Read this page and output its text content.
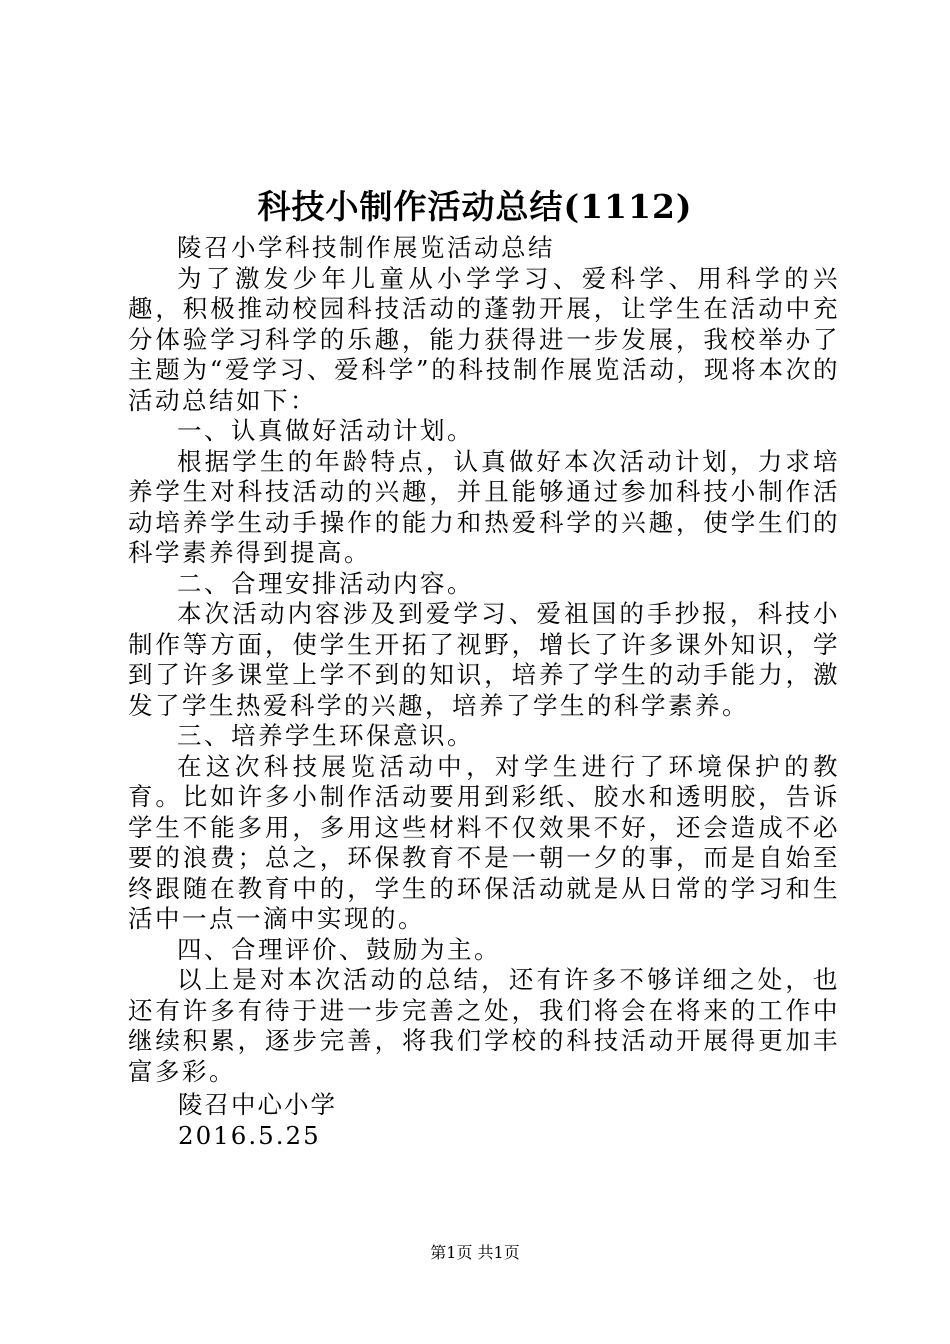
科技小制作活动总结(1112)

陵召小学科技制作展览活动总结

为了激发少年儿童从小学学习、爱科学、用科学的兴趣，积极推动校园科技活动的蓬勃开展，让学生在活动中充分体验学习科学的乐趣，能力获得进一步发展，我校举办了主题为“爱学习、爱科学”的科技制作展览活动，现将本次的活动总结如下：

一、认真做好活动计划。

根据学生的年龄特点，认真做好本次活动计划，力求培养学生对科技活动的兴趣，并且能够通过参加科技小制作活动培养学生动手操作的能力和热爱科学的兴趣，使学生们的科学素养得到提高。

二、合理安排活动内容。

本次活动内容涉及到爱学习、爱祖国的手抄报，科技小制作等方面，使学生开拓了视野，增长了许多课外知识，学到了许多课堂上学不到的知识，培养了学生的动手能力，激发了学生热爱科学的兴趣，培养了学生的科学素养。

三、培养学生环保意识。

在这次科技展览活动中，对学生进行了环境保护的教育。比如许多小制作活动要用到彩纸、胶水和透明胶，告诉学生不能多用，多用这些材料不仅效果不好，还会造成不必要的浪费；总之，环保教育不是一朝一夕的事，而是自始至终跟随在教育中的，学生的环保活动就是从日常的学习和生活中一点一滴中实现的。

四、合理评价、鼓励为主。

以上是对本次活动的总结，还有许多不够详细之处，也还有许多有待于进一步完善之处，我们将会在将来的工作中继续积累，逐步完善，将我们学校的科技活动开展得更加丰富多彩。

陵召中心小学
2016.5.25
第1页 共1页
